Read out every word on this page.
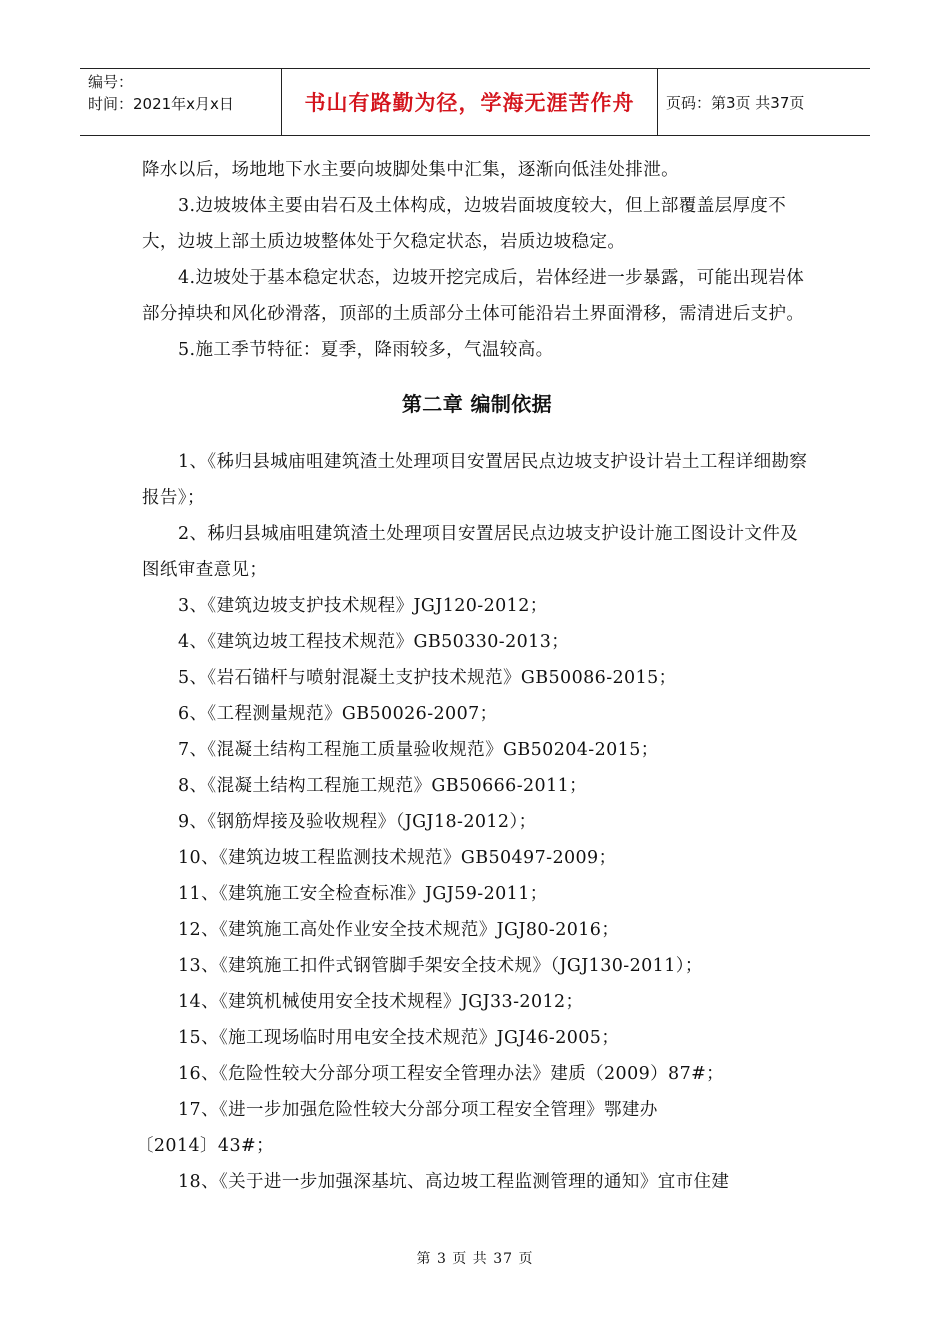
编号：
时间：2021年x月x日	书山有路勤为径，学海无涯苦作舟	页码：第3页 共37页

降水以后，场地地下水主要向坡脚处集中汇集，逐渐向低洼处排泄。

3.边坡坡体主要由岩石及土体构成，边坡岩面坡度较大，但上部覆盖层厚度不大，边坡上部土质边坡整体处于欠稳定状态，岩质边坡稳定。

4.边坡处于基本稳定状态，边坡开挖完成后，岩体经进一步暴露，可能出现岩体部分掉块和风化砂滑落，顶部的土质部分土体可能沿岩土界面滑移，需清进后支护。

5.施工季节特征：夏季，降雨较多，气温较高。

第二章 编制依据

1、《秭归县城庙咀建筑渣土处理项目安置居民点边坡支护设计岩土工程详细勘察报告》；

2、秭归县城庙咀建筑渣土处理项目安置居民点边坡支护设计施工图设计文件及图纸审查意见；

3、《建筑边坡支护技术规程》JGJ120-2012；

4、《建筑边坡工程技术规范》GB50330-2013；

5、《岩石锚杆与喷射混凝土支护技术规范》GB50086-2015；

6、《工程测量规范》GB50026-2007；

7、《混凝土结构工程施工质量验收规范》GB50204-2015；

8、《混凝土结构工程施工规范》GB50666-2011；

9、《钢筋焊接及验收规程》（JGJ18-2012）；

10、《建筑边坡工程监测技术规范》GB50497-2009；

11、《建筑施工安全检查标准》JGJ59-2011；

12、《建筑施工高处作业安全技术规范》JGJ80-2016；

13、《建筑施工扣件式钢管脚手架安全技术规》（JGJ130-2011）；

14、《建筑机械使用安全技术规程》JGJ33-2012；

15、《施工现场临时用电安全技术规范》JGJ46-2005；

16、《危险性较大分部分项工程安全管理办法》建质（2009）87#；

17、《进一步加强危险性较大分部分项工程安全管理》鄂建办

〔2014〕43#；

18、《关于进一步加强深基坑、高边坡工程监测管理的通知》宜市住建

第 3 页 共 37 页
